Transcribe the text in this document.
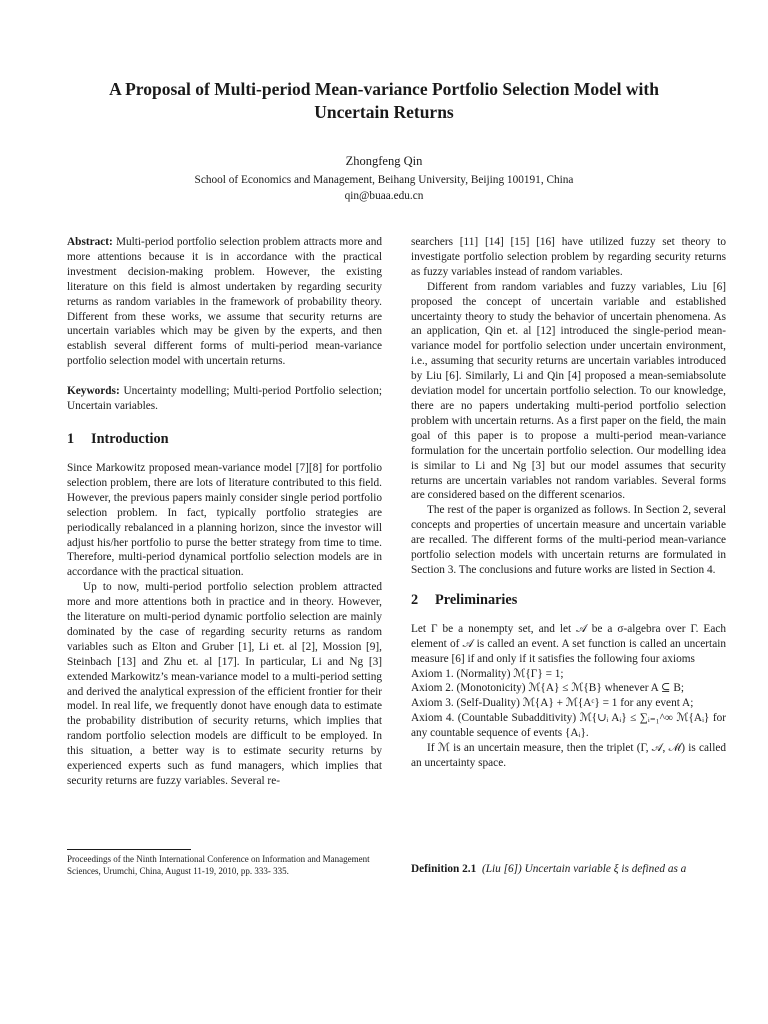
A Proposal of Multi-period Mean-variance Portfolio Selection Model with
Uncertain Returns
Zhongfeng Qin
School of Economics and Management, Beihang University, Beijing 100191, China
qin@buaa.edu.cn

Abstract: Multi-period portfolio selection problem attracts more and more attentions because it is in accordance with the practical investment decision-making problem. However, the existing literature on this field is almost undertaken by regarding security returns as random variables in the framework of probability theory. Different from these works, we assume that security returns are uncertain variables which may be given by the experts, and then establish several different forms of multi-period mean-variance portfolio selection model with uncertain returns.

Keywords: Uncertainty modelling; Multi-period Portfolio selection; Uncertain variables.

1 Introduction

Since Markowitz proposed mean-variance model [7][8] for portfolio selection problem, there are lots of literature contributed to this field. However, the previous papers mainly consider single period portfolio selection problem. In fact, typically portfolio strategies are periodically rebalanced in a planning horizon, since the investor will adjust his/her portfolio to purse the better strategy from time to time. Therefore, multi-period dynamical portfolio selection models are in accordance with the practical situation.

Up to now, multi-period portfolio selection problem attracted more and more attentions both in practice and in theory. However, the literature on multi-period dynamic portfolio selection are mainly dominated by the case of regarding security returns as random variables such as Elton and Gruber [1], Li et. al [2], Mossion [9], Steinbach [13] and Zhu et. al [17]. In particular, Li and Ng [3] extended Markowitz’s mean-variance model to a multi-period setting and derived the analytical expression of the efficient frontier for their model. In real life, we frequently donot have enough data to estimate the probability distribution of security returns, which implies that random portfolio selection models are difficult to be employed. In this situation, a better way is to estimate security returns by experienced experts such as fund managers, which implies that security returns are fuzzy variables. Several re-

Proceedings of the Ninth International Conference on Information and Management Sciences, Urumchi, China, August 11-19, 2010, pp. 333- 335.

searchers [11] [14] [15] [16] have utilized fuzzy set theory to investigate portfolio selection problem by regarding security returns as fuzzy variables instead of random variables.

Different from random variables and fuzzy variables, Liu [6] proposed the concept of uncertain variable and established uncertainty theory to study the behavior of uncertain phenomena. As an application, Qin et. al [12] introduced the single-period mean-variance model for portfolio selection under uncertain environment, i.e., assuming that security returns are uncertain variables introduced by Liu [6]. Similarly, Li and Qin [4] proposed a mean-semiabsolute deviation model for uncertain portfolio selection. To our knowledge, there are no papers undertaking multi-period portfolio selection problem with uncertain returns. As a first paper on the field, the main goal of this paper is to propose a multi-period mean-variance formulation for the uncertain portfolio selection. Our modelling idea is similar to Li and Ng [3] but our model assumes that security returns are uncertain variables not random variables. Several forms are considered based on the different scenarios.

The rest of the paper is organized as follows. In Section 2, several concepts and properties of uncertain measure and uncertain variable are recalled. The different forms of the multi-period mean-variance portfolio selection models with uncertain returns are formulated in Section 3. The conclusions and future works are listed in Section 4.

2 Preliminaries

Let Γ be a nonempty set, and let 𝒜 be a σ-algebra over Γ. Each element of 𝒜 is called an event. A set function is called an uncertain measure [6] if and only if it satisfies the following four axioms

Axiom 1. (Normality) ℳ{Γ} = 1;

Axiom 2. (Monotonicity) ℳ{A} ≤ ℳ{B} whenever A ⊆ B;

Axiom 3. (Self-Duality) ℳ{A} + ℳ{Aᶜ} = 1 for any event A;

Axiom 4. (Countable Subadditivity) ℳ{∪ᵢ Aᵢ} ≤ ∑ᵢ₌₁^∞ ℳ{Aᵢ} for any countable sequence of events {Aᵢ}.

If ℳ is an uncertain measure, then the triplet (Γ, 𝒜, ℳ) is called an uncertainty space.

Definition 2.1 (Liu [6]) Uncertain variable ξ is defined as a
